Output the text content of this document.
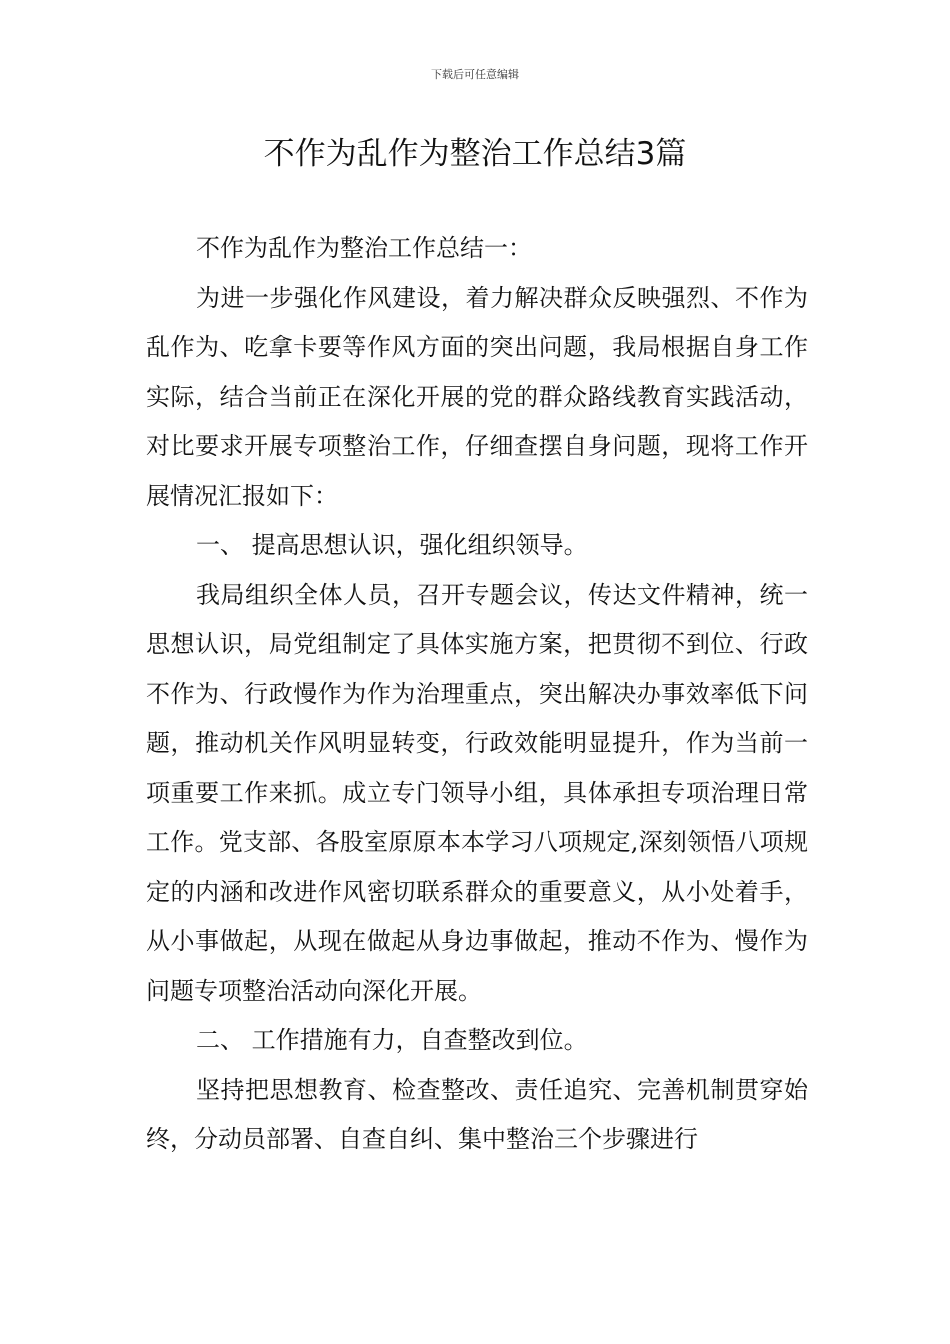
下载后可任意编辑
不作为乱作为整治工作总结3篇

不作为乱作为整治工作总结一：

为进一步强化作风建设，着力解决群众反映强烈、不作为乱作为、吃拿卡要等作风方面的突出问题，我局根据自身工作实际，结合当前正在深化开展的党的群众路线教育实践活动，对比要求开展专项整治工作，仔细查摆自身问题，现将工作开展情况汇报如下：

一、 提高思想认识，强化组织领导。

我局组织全体人员，召开专题会议，传达文件精神，统一思想认识，局党组制定了具体实施方案，把贯彻不到位、行政不作为、行政慢作为作为治理重点，突出解决办事效率低下问题，推动机关作风明显转变，行政效能明显提升，作为当前一项重要工作来抓。成立专门领导小组，具体承担专项治理日常工作。党支部、各股室原原本本学习八项规定,深刻领悟八项规定的内涵和改进作风密切联系群众的重要意义，从小处着手，从小事做起，从现在做起从身边事做起，推动不作为、慢作为问题专项整治活动向深化开展。

二、 工作措施有力，自查整改到位。

坚持把思想教育、检查整改、责任追究、完善机制贯穿始终，分动员部署、自查自纠、集中整治三个步骤进行
